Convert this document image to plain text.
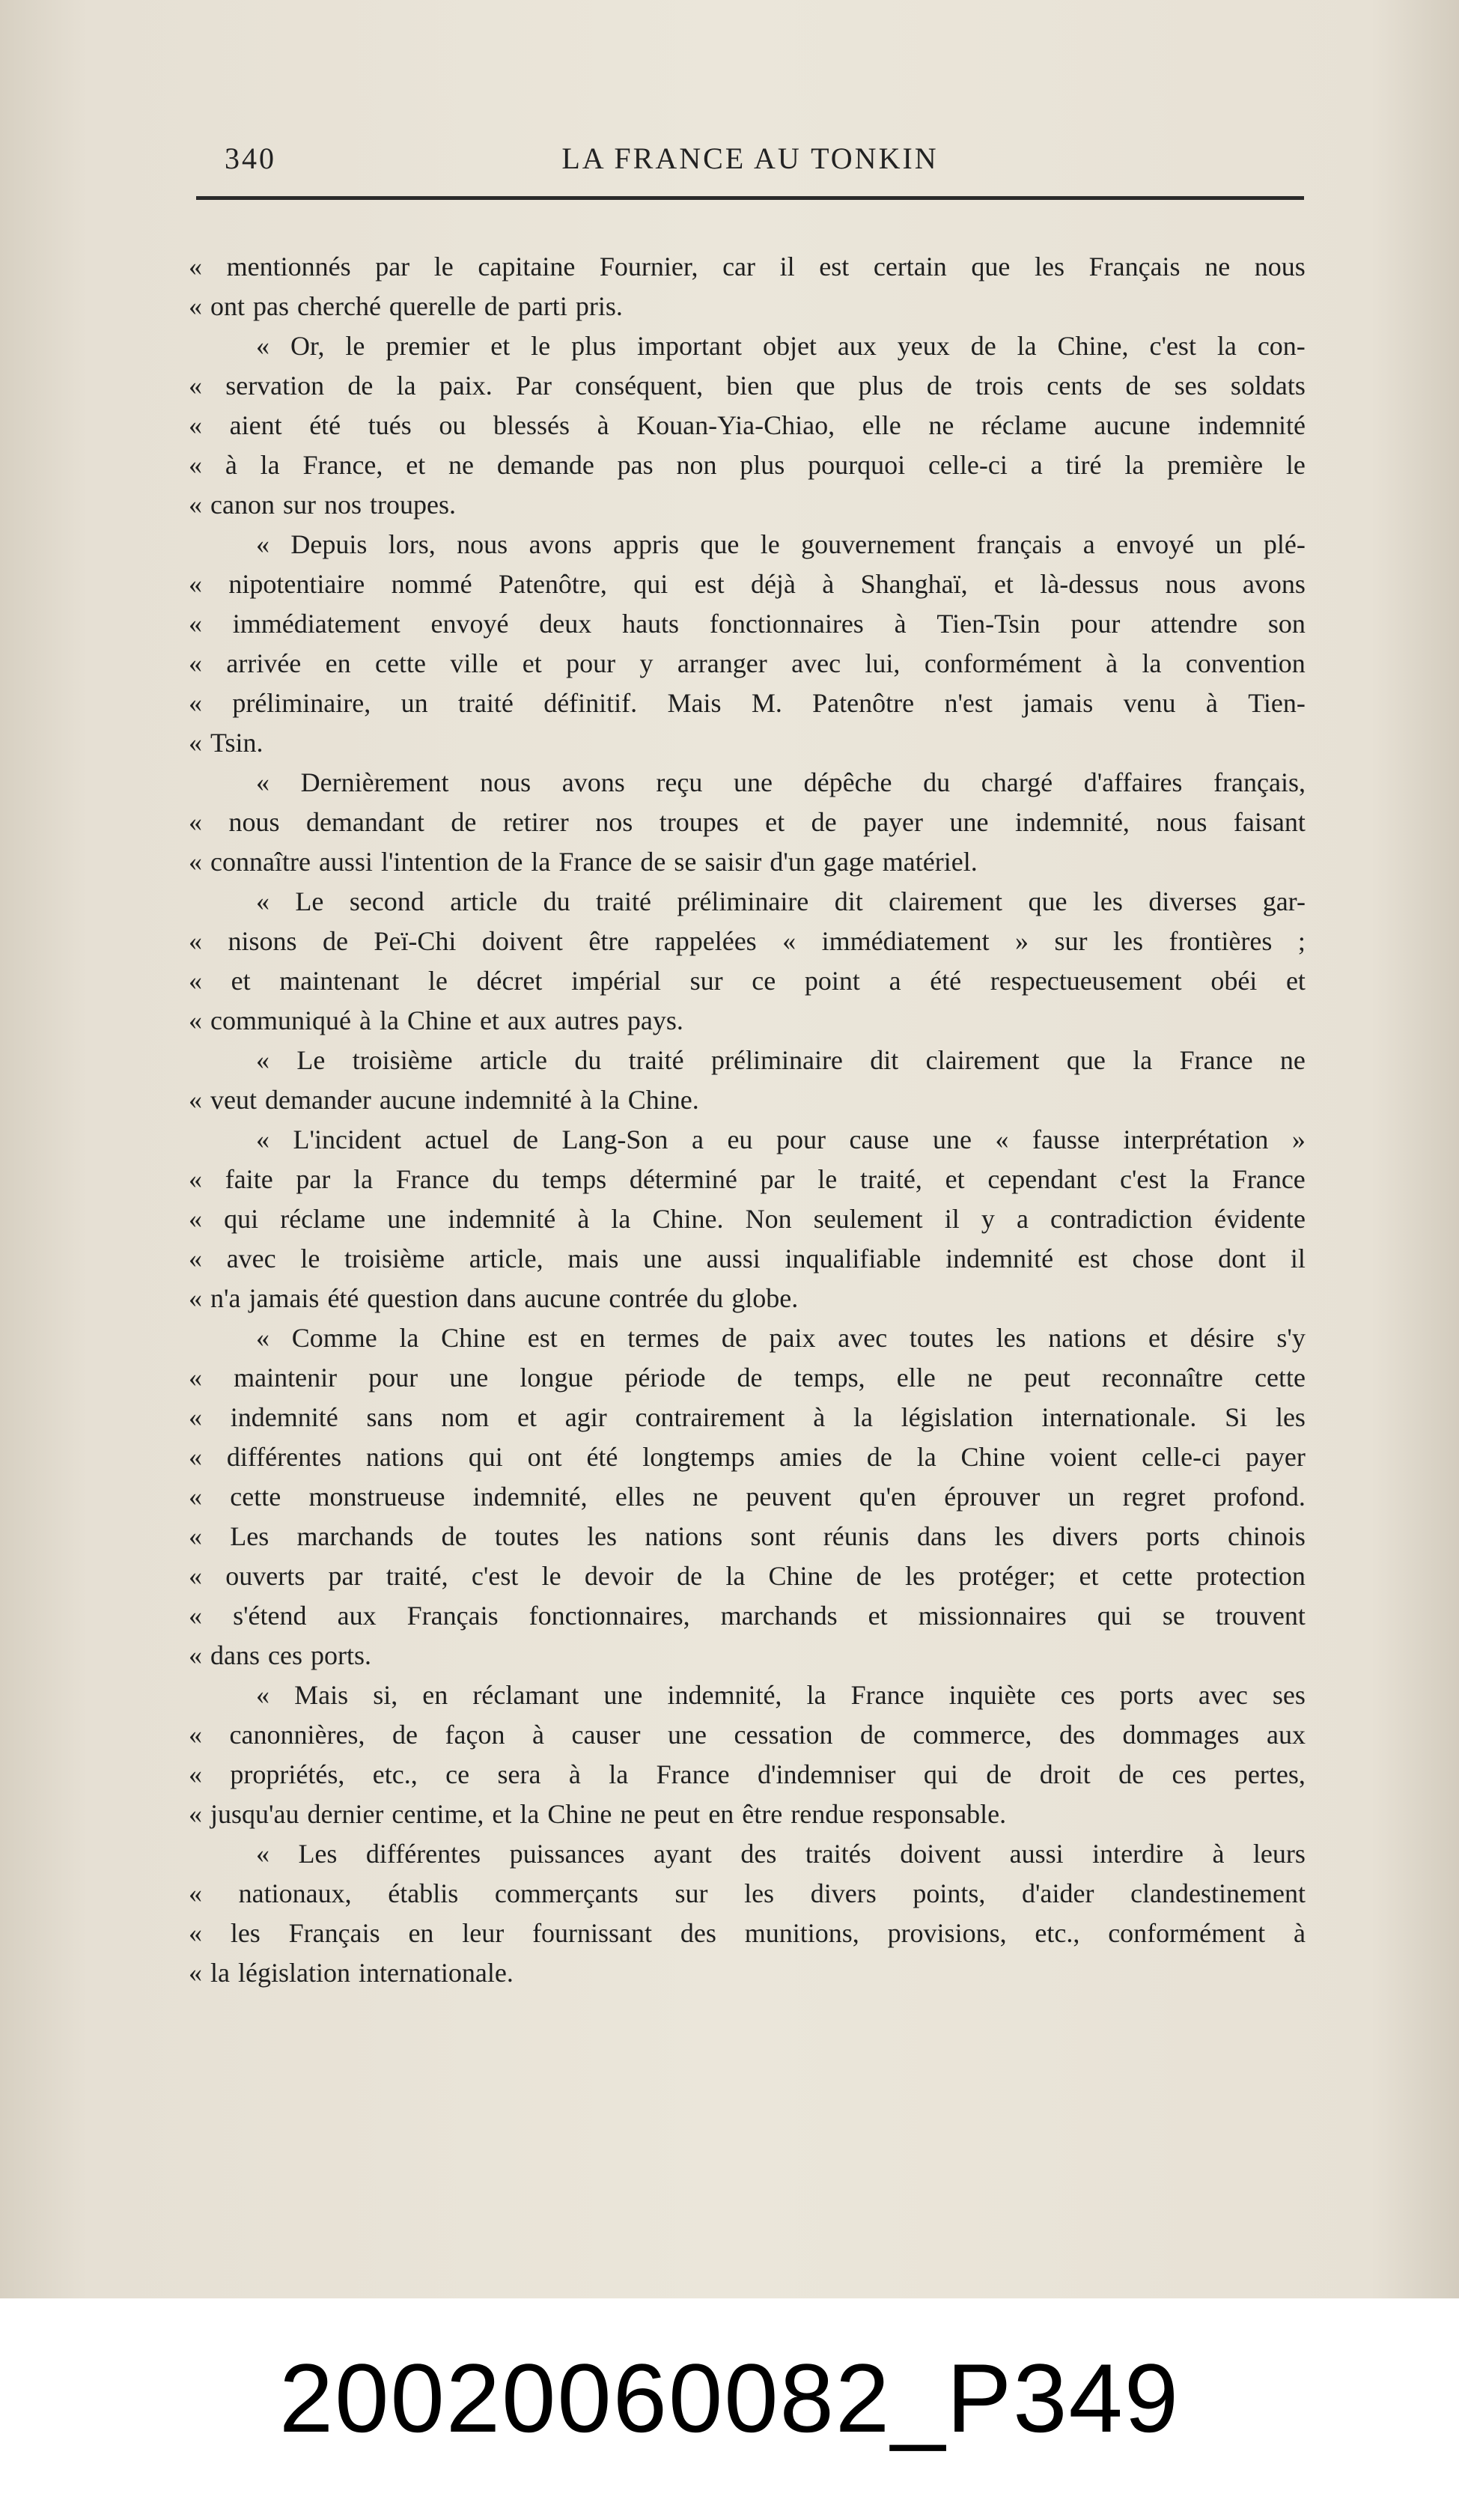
340	LA FRANCE AU TONKIN
« mentionnés par le capitaine Fournier, car il est certain que les Français ne nous
« ont pas cherché querelle de parti pris.
« Or, le premier et le plus important objet aux yeux de la Chine, c'est la con-
« servation de la paix. Par conséquent, bien que plus de trois cents de ses soldats
« aient été tués ou blessés à Kouan-Yia-Chiao, elle ne réclame aucune indemnité
« à la France, et ne demande pas non plus pourquoi celle-ci a tiré la première le
« canon sur nos troupes.
« Depuis lors, nous avons appris que le gouvernement français a envoyé un plé-
« nipotentiaire nommé Patenôtre, qui est déjà à Shanghaï, et là-dessus nous avons
« immédiatement envoyé deux hauts fonctionnaires à Tien-Tsin pour attendre son
« arrivée en cette ville et pour y arranger avec lui, conformément à la convention
« préliminaire, un traité définitif. Mais M. Patenôtre n'est jamais venu à Tien-
« Tsin.
« Dernièrement nous avons reçu une dépêche du chargé d'affaires français,
« nous demandant de retirer nos troupes et de payer une indemnité, nous faisant
« connaître aussi l'intention de la France de se saisir d'un gage matériel.
« Le second article du traité préliminaire dit clairement que les diverses gar-
« nisons de Peï-Chi doivent être rappelées « immédiatement » sur les frontières ;
« et maintenant le décret impérial sur ce point a été respectueusement obéi et
« communiqué à la Chine et aux autres pays.
« Le troisième article du traité préliminaire dit clairement que la France ne
« veut demander aucune indemnité à la Chine.
« L'incident actuel de Lang-Son a eu pour cause une « fausse interprétation »
« faite par la France du temps déterminé par le traité, et cependant c'est la France
« qui réclame une indemnité à la Chine. Non seulement il y a contradiction évidente
« avec le troisième article, mais une aussi inqualifiable indemnité est chose dont il
« n'a jamais été question dans aucune contrée du globe.
« Comme la Chine est en termes de paix avec toutes les nations et désire s'y
« maintenir pour une longue période de temps, elle ne peut reconnaître cette
« indemnité sans nom et agir contrairement à la législation internationale. Si les
« différentes nations qui ont été longtemps amies de la Chine voient celle-ci payer
« cette monstrueuse indemnité, elles ne peuvent qu'en éprouver un regret profond.
« Les marchands de toutes les nations sont réunis dans les divers ports chinois
« ouverts par traité, c'est le devoir de la Chine de les protéger; et cette protection
« s'étend aux Français fonctionnaires, marchands et missionnaires qui se trouvent
« dans ces ports.
« Mais si, en réclamant une indemnité, la France inquiète ces ports avec ses
« canonnières, de façon à causer une cessation de commerce, des dommages aux
« propriétés, etc., ce sera à la France d'indemniser qui de droit de ces pertes,
« jusqu'au dernier centime, et la Chine ne peut en être rendue responsable.
« Les différentes puissances ayant des traités doivent aussi interdire à leurs
« nationaux, établis commerçants sur les divers points, d'aider clandestinement
« les Français en leur fournissant des munitions, provisions, etc., conformément à
« la législation internationale.
20020060082_P349
